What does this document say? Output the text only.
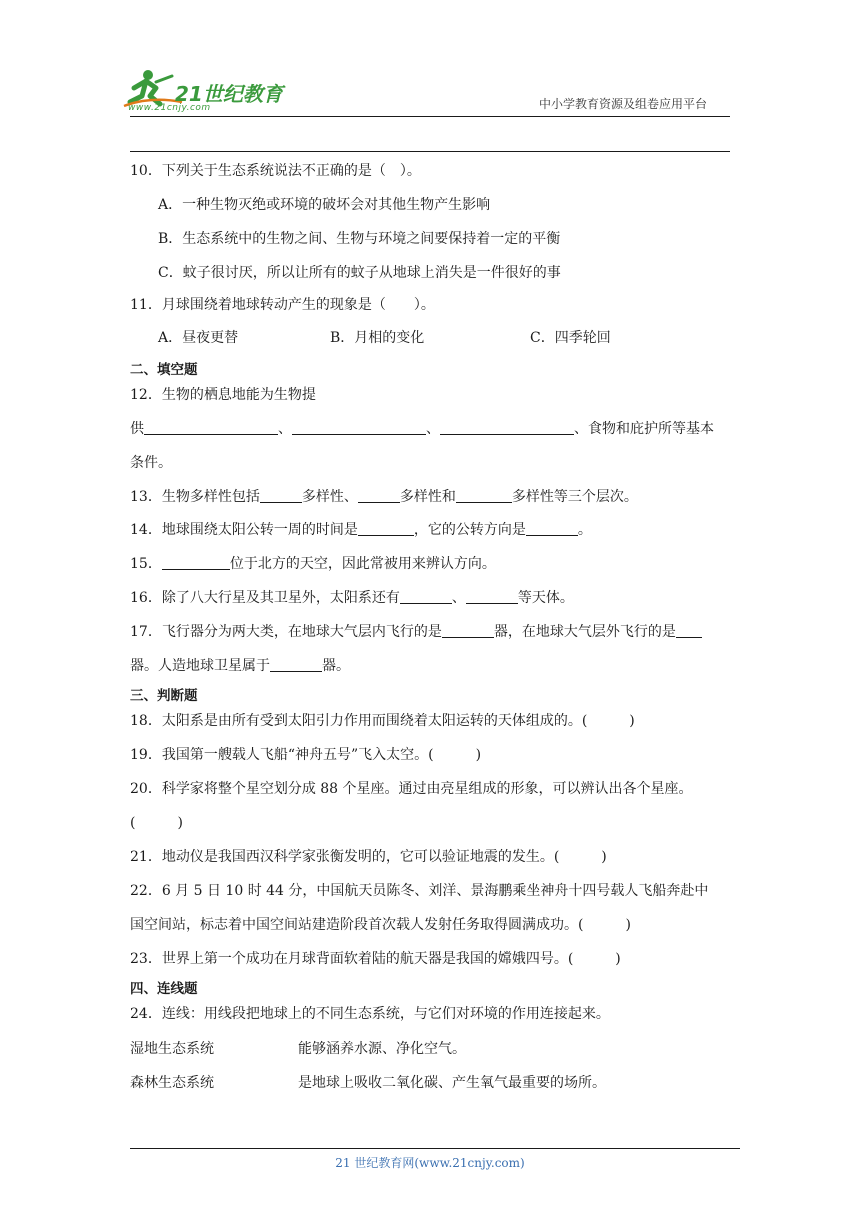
21世纪教育
www.21cnjy.com	中小学教育资源及组卷应用平台
10．下列关于生态系统说法不正确的是（　）。
A．一种生物灭绝或环境的破坏会对其他生物产生影响
B．生态系统中的生物之间、生物与环境之间要保持着一定的平衡
C．蚊子很讨厌，所以让所有的蚊子从地球上消失是一件很好的事
11．月球围绕着地球转动产生的现象是（　　）。
A．昼夜更替	B．月相的变化	C．四季轮回
二、填空题
12．生物的栖息地能为生物提
供	、	、	、食物和庇护所等基本
条件。
13．生物多样性包括	多样性、	多样性和	多样性等三个层次。
14．地球围绕太阳公转一周的时间是	，它的公转方向是	。
15．	位于北方的天空，因此常被用来辨认方向。
16．除了八大行星及其卫星外，太阳系还有	、	等天体。
17．飞行器分为两大类，在地球大气层内飞行的是	器，在地球大气层外飞行的是
器。人造地球卫星属于	器。
三、判断题
18．太阳系是由所有受到太阳引力作用而围绕着太阳运转的天体组成的。(	)
19．我国第一艘载人飞船“神舟五号”飞入太空。(	)
20．科学家将整个星空划分成 88 个星座。通过由亮星组成的形象，可以辨认出各个星座。
(	)
21．地动仪是我国西汉科学家张衡发明的，它可以验证地震的发生。(	)
22．6 月 5 日 10 时 44 分，中国航天员陈冬、刘洋、景海鹏乘坐神舟十四号载人飞船奔赴中
国空间站，标志着中国空间站建造阶段首次载人发射任务取得圆满成功。(	)
23．世界上第一个成功在月球背面软着陆的航天器是我国的嫦娥四号。(	)
四、连线题
24．连线：用线段把地球上的不同生态系统，与它们对环境的作用连接起来。
湿地生态系统	能够涵养水源、净化空气。
森林生态系统	是地球上吸收二氧化碳、产生氧气最重要的场所。
21 世纪教育网(www.21cnjy.com)
